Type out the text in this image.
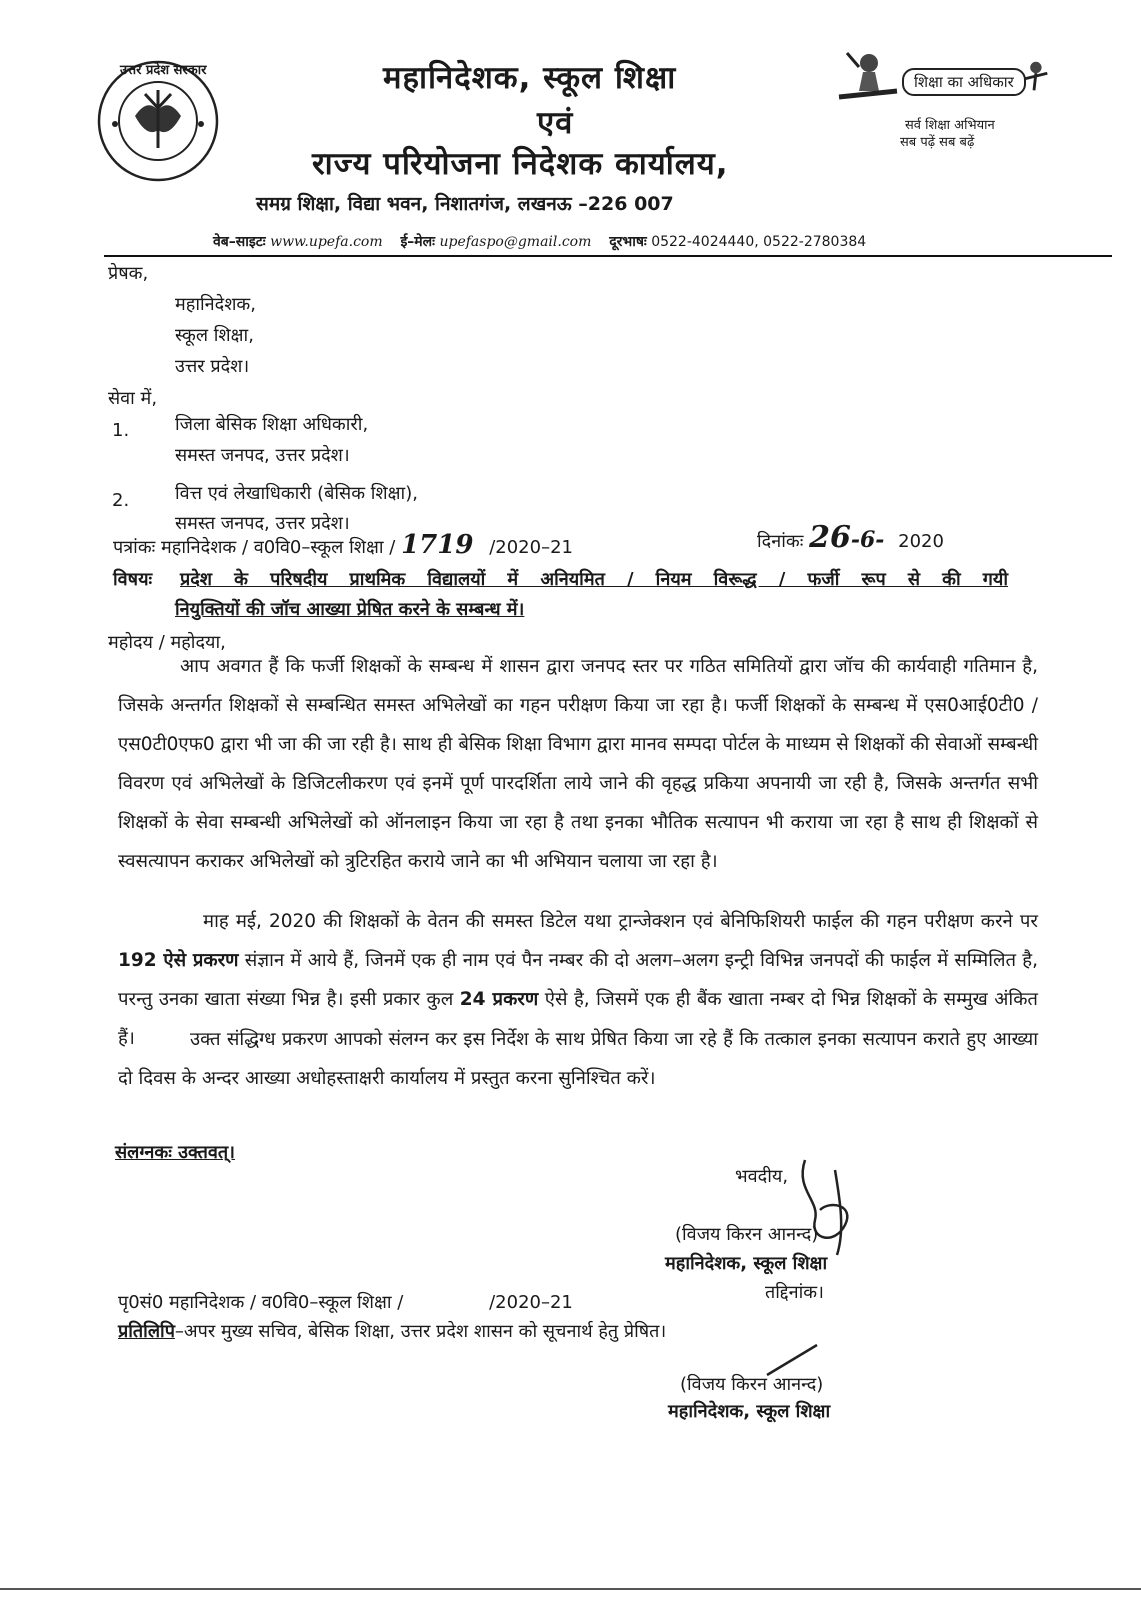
उत्तर प्रदेश सरकार
शिक्षा का अधिकार
सर्व शिक्षा अभियान
सब पढ़ें सब बढ़ें
महानिदेशक, स्कूल शिक्षा
एवं
राज्य परियोजना निदेशक कार्यालय,
समग्र शिक्षा, विद्या भवन, निशातगंज, लखनऊ –226 007
वेब–साइटः www.upefa.com ई–मेलः upefaspo@gmail.com दूरभाषः 0522-4024440, 0522-2780384
प्रेषक,
महानिदेशक,
स्कूल शिक्षा,
उत्तर प्रदेश।
सेवा में,
1.	जिला बेसिक शिक्षा अधिकारी,
समस्त जनपद, उत्तर प्रदेश।
2.	वित्त एवं लेखाधिकारी (बेसिक शिक्षा),
समस्त जनपद, उत्तर प्रदेश।
पत्रांकः महानिदेशक / व0वि0–स्कूल शिक्षा / 1719 /2020–21	दिनांकः 26-6- 2020
विषयः प्रदेश के परिषदीय प्राथमिक विद्यालयों में अनियमित / नियम विरूद्ध / फर्जी रूप से की गयी
नियुक्तियों की जॉच आख्या प्रेषित करने के सम्बन्ध में।
महोदय / महोदया,
आप अवगत हैं कि फर्जी शिक्षकों के सम्बन्ध में शासन द्वारा जनपद स्तर पर गठित समितियों द्वारा जॉच की कार्यवाही गतिमान है, जिसके अन्तर्गत शिक्षकों से सम्बन्धित समस्त अभिलेखों का गहन परीक्षण किया जा रहा है। फर्जी शिक्षकों के सम्बन्ध में एस0आई0टी0 / एस0टी0एफ0 द्वारा भी जा की जा रही है। साथ ही बेसिक शिक्षा विभाग द्वारा मानव सम्पदा पोर्टल के माध्यम से शिक्षकों की सेवाओं सम्बन्धी विवरण एवं अभिलेखों के डिजिटलीकरण एवं इनमें पूर्ण पारदर्शिता लाये जाने की वृहद्ध प्रकिया अपनायी जा रही है, जिसके अन्तर्गत सभी शिक्षकों के सेवा सम्बन्धी अभिलेखों को ऑनलाइन किया जा रहा है तथा इनका भौतिक सत्यापन भी कराया जा रहा है साथ ही शिक्षकों से स्वसत्यापन कराकर अभिलेखों को त्रुटिरहित कराये जाने का भी अभियान चलाया जा रहा है।
माह मई, 2020 की शिक्षकों के वेतन की समस्त डिटेल यथा ट्रान्जेक्शन एवं बेनिफिशियरी फाईल की गहन परीक्षण करने पर 192 ऐसे प्रकरण संज्ञान में आये हैं, जिनमें एक ही नाम एवं पैन नम्बर की दो अलग–अलग इन्ट्री विभिन्न जनपदों की फाईल में सम्मिलित है, परन्तु उनका खाता संख्या भिन्न है। इसी प्रकार कुल 24 प्रकरण ऐसे है, जिसमें एक ही बैंक खाता नम्बर दो भिन्न शिक्षकों के सम्मुख अंकित हैं।	उक्त संद्धिग्ध प्रकरण आपको संलग्न कर इस निर्देश के साथ प्रेषित किया जा रहे हैं कि तत्काल इनका सत्यापन कराते हुए आख्या दो दिवस के अन्दर आख्या अधोहस्ताक्षरी कार्यालय में प्रस्तुत करना सुनिश्चित करें।
संलग्नकः उक्तवत्।
भवदीय,
(विजय किरन आनन्द)
महानिदेशक, स्कूल शिक्षा
तद्दिनांक।
पृ0सं0 महानिदेशक / व0वि0–स्कूल शिक्षा /	/2020–21
प्रतिलिपि–अपर मुख्य सचिव, बेसिक शिक्षा, उत्तर प्रदेश शासन को सूचनार्थ हेतु प्रेषित।
(विजय किरन आनन्द)
महानिदेशक, स्कूल शिक्षा
